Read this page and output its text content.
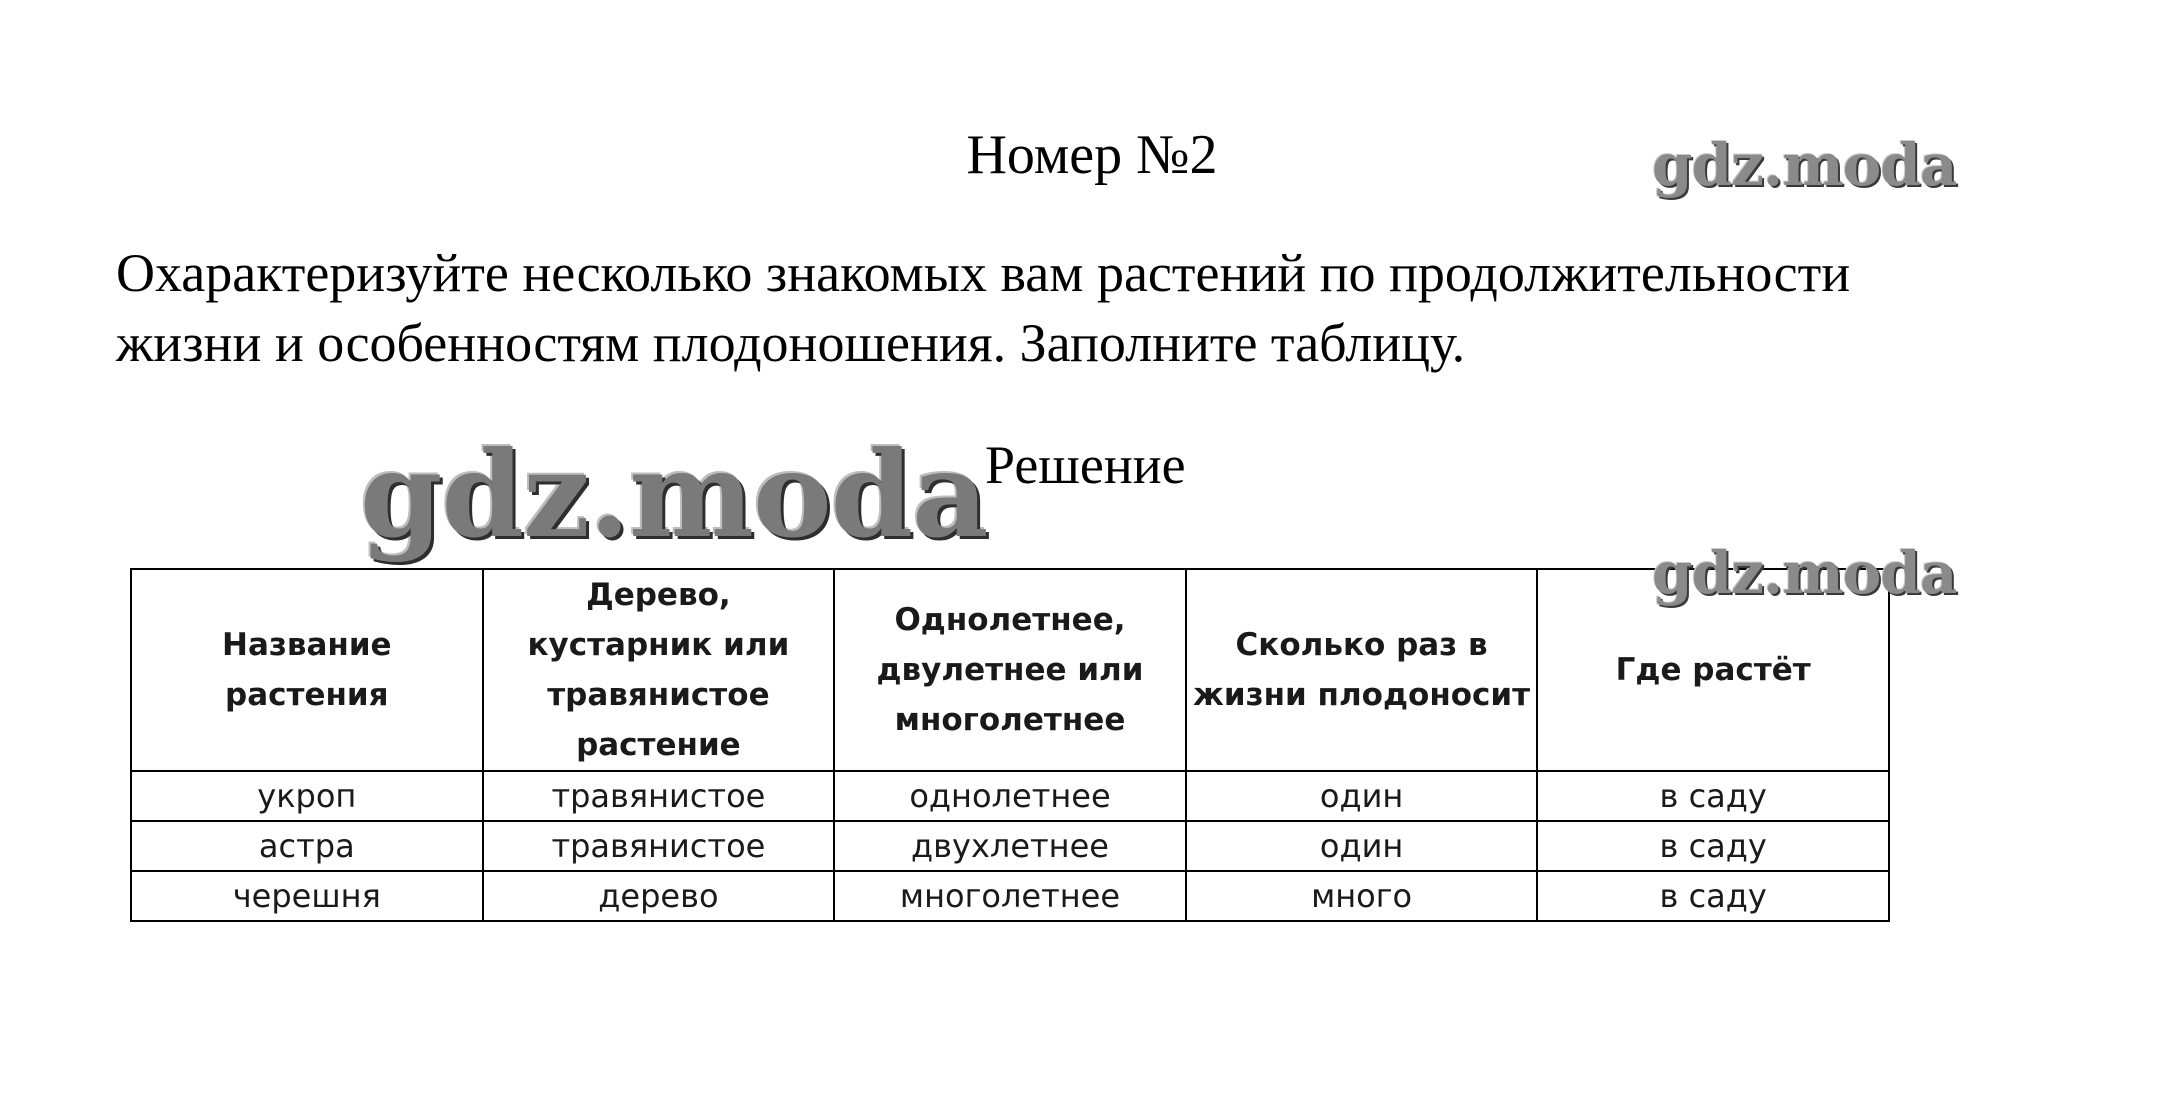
Номер №2	gdz.moda
Охарактеризуйте несколько знакомых вам растений по продолжительности
жизни и особенностям плодоношения. Заполните таблицу.
gdz.moda
Решение
Название растения	Дерево, кустарник или травянистое растение	Однолетнее, двулетнее или многолетнее	Сколько раз в жизни плодоносит	Где растёт
укроп	травянистое	однолетнее	один	в саду
астра	травянистое	двухлетнее	один	в саду
черешня	дерево	многолетнее	много	в саду
gdz.moda
